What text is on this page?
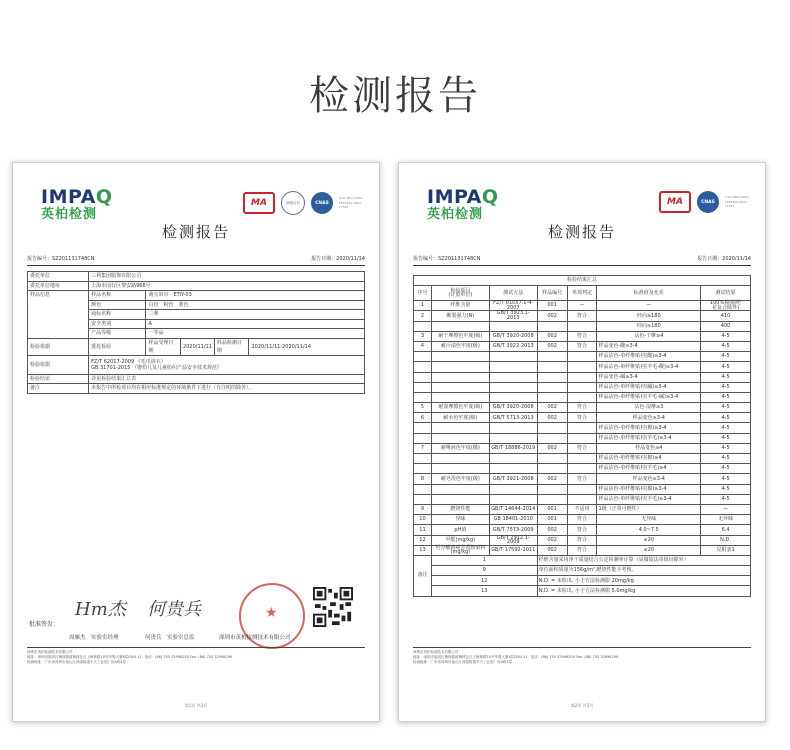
检测报告
IMPAQ
英柏检测
MA	国家认可	CNAS
ILAC MRA CNAS TESTING CNAS L7563
检测报告
报告编号：SZ201131748CN	报告日期：2020/11/14
委托单位	三利集团服饰有限公司				
委托单位地址	上海市闵行区黎安路968号				
样品信息	样品名称	萌宝浴巾　ETIY-03			
	颜色	白色　粉色　蓝色			
	商标名称	三利			
	安全类别	A			
	产品等级	一等品			
检验依据	委托检验	样品受理日期	2020/11/11	样品检测日期	2020/11/11-2020/11/14
检验依据	FZ/T 62017-2009 《毛巾浴衣》
GB 31701-2015 《婴幼儿及儿童纺织产品安全技术规范》				

检验结论	详见检验结果汇总表				
备注	本报告中所检项目均在相应标准规定的环境条件下进行（有注明的除外）。				
批准签发：
Hm杰 何贵兵
周雁杰　实验室经理	何贵兵　实验室总监
★
深圳市英柏检测技术有限公司
深圳市英柏检测技术有限公司
地址：深圳市福田区梅林街道梅林社区上梅林路10号华骏大厦8层(804-1)　电话：(86) 755 32998200 Fax: (86) 755 32998299
检测地址：广东省深圳市南山区西丽街道丰天工业园厂房A栋4层
第1页 共3页
IMPAQ
英柏检测
MA	CNAS
ILAC MRA CNAS TESTING CNAS L7563
检测报告
报告编号：SZ201131748CN	报告日期：2020/11/14
检验结果汇总						
序号	检验项目
(计量单位)	测试方法	样品编号	单项判定	标准值及允差	测试结果
1	纤维含量	FZ/T 01057.1-4-2007	001	—	—	100%棉(腈纶
花复合除外)
2	断裂强力(N)	GB/T 3923.1-2013	002	符合	经向≥180	410
					纬向≥180	400
3	耐干摩擦色牢度(级)	GB/T 3920-2008	002	符合	沾色-干摩≥4	4-5
4	耐汗渍色牢度(级)	GB/T 3922-2013	002	符合	样品变色-酸≥3-4	4-5
					样品沾色-单纤维贴衬(酸)≥3-4	4-5
					样品沾色-单纤维贴衬(羊毛-酸)≥3-4	4-5
					样品变色-碱≥3-4	4-5
					样品沾色-单纤维贴衬(碱)≥3-4	4-5
					样品沾色-单纤维贴衬(羊毛-碱)≥3-4	4-5
5	耐湿摩擦色牢度(级)	GB/T 3920-2008	002	符合	沾色-湿摩≥3	4-5
6	耐水色牢度(级)	GB/T 5713-2013	002	符合	样品变色≥3-4	4-5
					样品沾色-单纤维贴衬(棉)≥3-4	4-5
					样品沾色-单纤维贴衬(羊毛)≥3-4	4-5
7	耐唾液色牢度(级)	GB/T 18886-2019	002	符合	样品变色≥4	4-5
					样品沾色-单纤维贴衬(棉)≥4	4-5
					样品沾色-单纤维贴衬(羊毛)≥4	4-5
8	耐皂洗色牢度(级)	GB/T 3921-2008	002	符合	样品变色≥3-4	4-5
					样品沾色-单纤维贴衬(棉)≥3-4	4-5
					样品沾色-单纤维贴衬(羊毛)≥3-4	4-5
9	燃烧性能	GB/T 14644-2014	001	不适用	1级（正常可燃性）	—
10	异味	GB 18401-2010	001	符合	无异味	无异味
11	pH值	GB/T 7573-2009	002	符合	4.0~7.5	6.4
12	甲醛(mg/kg)	GB/T 2912.1-2009	002	符合	≤20	N.D.
13	可分解致癌芳香胺染料(mg/kg)	GB/T 17592-2011	002	符合	≤20	见附表1
备注	1		纤维含量采用净干质量结合公定回潮率计算（显微镜法单组份除外）			
	9		单位面积质量为156g/m²,燃烧性能不考核。			
	12		N.D. = 未检出, 小于方法检测限 20mg/kg			
	13		N.D. = 未检出, 小于方法检测限 5.0mg/kg			
深圳市英柏检测技术有限公司
地址：深圳市福田区梅林街道梅林社区上梅林路10号华骏大厦8层(804-1)　电话：(86) 755 32998200 Fax: (86) 755 32998299
检测地址：广东省深圳市南山区西丽街道丰天工业园厂房A栋4层
第2页 共3页
